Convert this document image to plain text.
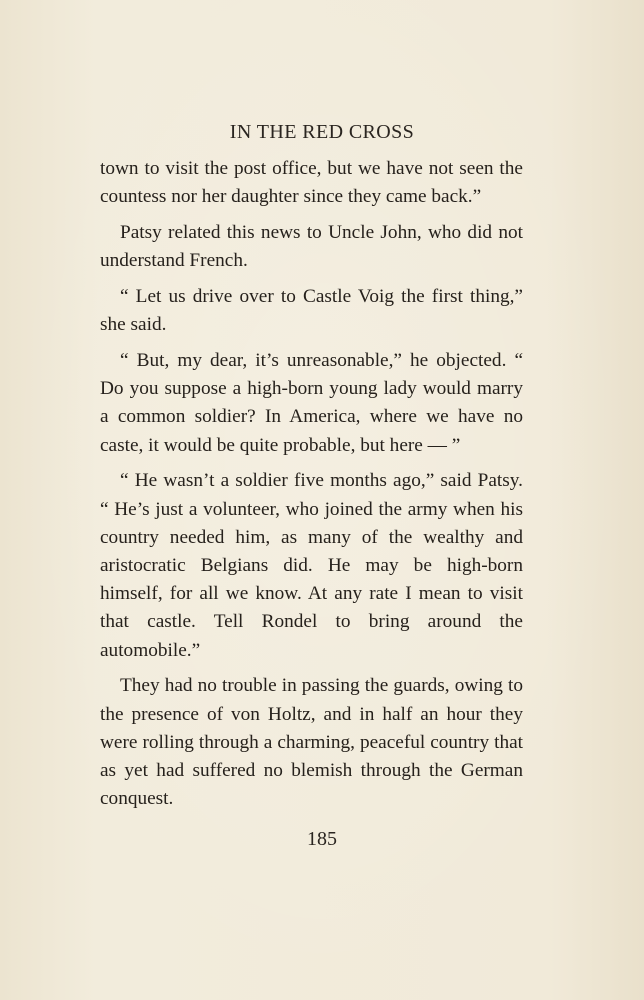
IN THE RED CROSS

town to visit the post office, but we have not seen the countess nor her daughter since they came back.”

Patsy related this news to Uncle John, who did not understand French.

“ Let us drive over to Castle Voig the first thing,” she said.

“ But, my dear, it’s unreasonable,” he objected. “ Do you suppose a high-born young lady would marry a common soldier? In America, where we have no caste, it would be quite probable, but here — ”

“ He wasn’t a soldier five months ago,” said Patsy. “ He’s just a volunteer, who joined the army when his country needed him, as many of the wealthy and aristocratic Belgians did. He may be high-born himself, for all we know. At any rate I mean to visit that castle. Tell Rondel to bring around the automobile.”

They had no trouble in passing the guards, owing to the presence of von Holtz, and in half an hour they were rolling through a charming, peaceful country that as yet had suffered no blemish through the German conquest.

185
